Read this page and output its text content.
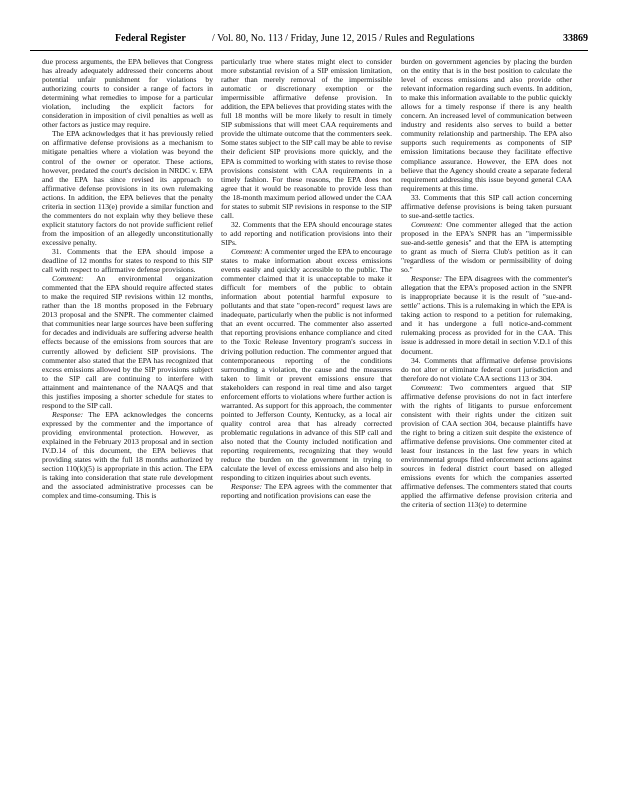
Federal Register	/ Vol. 80, No. 113 / Friday, June 12, 2015 / Rules and Regulations	33869

due process arguments, the EPA believes that Congress has already adequately addressed their concerns about potential unfair punishment for violations by authorizing courts to consider a range of factors in determining what remedies to impose for a particular violation, including the explicit factors for consideration in imposition of civil penalties as well as other factors as justice may require.

The EPA acknowledges that it has previously relied on affirmative defense provisions as a mechanism to mitigate penalties where a violation was beyond the control of the owner or operator. These actions, however, predated the court's decision in NRDC v. EPA and the EPA has since revised its approach to affirmative defense provisions in its own rulemaking actions. In addition, the EPA believes that the penalty criteria in section 113(e) provide a similar function and the commenters do not explain why they believe these explicit statutory factors do not provide sufficient relief from the imposition of an allegedly unconstitutionally excessive penalty.

31. Comments that the EPA should impose a deadline of 12 months for states to respond to this SIP call with respect to affirmative defense provisions.

Comment: An environmental organization commented that the EPA should require affected states to make the required SIP revisions within 12 months, rather than the 18 months proposed in the February 2013 proposal and the SNPR. The commenter claimed that communities near large sources have been suffering for decades and individuals are suffering adverse health effects because of the emissions from sources that are currently allowed by deficient SIP provisions. The commenter also stated that the EPA has recognized that excess emissions allowed by the SIP provisions subject to the SIP call are continuing to interfere with attainment and maintenance of the NAAQS and that this justifies imposing a shorter schedule for states to respond to the SIP call.

Response: The EPA acknowledges the concerns expressed by the commenter and the importance of providing environmental protection. However, as explained in the February 2013 proposal and in section IV.D.14 of this document, the EPA believes that providing states with the full 18 months authorized by section 110(k)(5) is appropriate in this action. The EPA is taking into consideration that state rule development and the associated administrative processes can be complex and time-consuming. This is

particularly true where states might elect to consider more substantial revision of a SIP emission limitation, rather than merely removal of the impermissible automatic or discretionary exemption or the impermissible affirmative defense provision. In addition, the EPA believes that providing states with the full 18 months will be more likely to result in timely SIP submissions that will meet CAA requirements and provide the ultimate outcome that the commenters seek. Some states subject to the SIP call may be able to revise their deficient SIP provisions more quickly, and the EPA is committed to working with states to revise those provisions consistent with CAA requirements in a timely fashion. For these reasons, the EPA does not agree that it would be reasonable to provide less than the 18-month maximum period allowed under the CAA for states to submit SIP revisions in response to the SIP call.

32. Comments that the EPA should encourage states to add reporting and notification provisions into their SIPs.

Comment: A commenter urged the EPA to encourage states to make information about excess emissions events easily and quickly accessible to the public. The commenter claimed that it is unacceptable to make it difficult for members of the public to obtain information about potential harmful exposure to pollutants and that state "open-record" request laws are inadequate, particularly when the public is not informed that an event occurred. The commenter also asserted that reporting provisions enhance compliance and cited to the Toxic Release Inventory program's success in driving pollution reduction. The commenter argued that contemporaneous reporting of the conditions surrounding a violation, the cause and the measures taken to limit or prevent emissions ensure that stakeholders can respond in real time and also target enforcement efforts to violations where further action is warranted. As support for this approach, the commenter pointed to Jefferson County, Kentucky, as a local air quality control area that has already corrected problematic regulations in advance of this SIP call and also noted that the County included notification and reporting requirements, recognizing that they would reduce the burden on the government in trying to calculate the level of excess emissions and also help in responding to citizen inquiries about such events.

Response: The EPA agrees with the commenter that reporting and notification provisions can ease the

burden on government agencies by placing the burden on the entity that is in the best position to calculate the level of excess emissions and also provide other relevant information regarding such events. In addition, to make this information available to the public quickly allows for a timely response if there is any health concern. An increased level of communication between industry and residents also serves to build a better community relationship and partnership. The EPA also supports such requirements as components of SIP emission limitations because they facilitate effective compliance assurance. However, the EPA does not believe that the Agency should create a separate federal requirement addressing this issue beyond general CAA requirements at this time.

33. Comments that this SIP call action concerning affirmative defense provisions is being taken pursuant to sue-and-settle tactics.

Comment: One commenter alleged that the action proposed in the EPA's SNPR has an "impermissible sue-and-settle genesis" and that the EPA is attempting to grant as much of Sierra Club's petition as it can "regardless of the wisdom or permissibility of doing so."

Response: The EPA disagrees with the commenter's allegation that the EPA's proposed action in the SNPR is inappropriate because it is the result of "sue-and-settle" actions. This is a rulemaking in which the EPA is taking action to respond to a petition for rulemaking, and it has undergone a full notice-and-comment rulemaking process as provided for in the CAA. This issue is addressed in more detail in section V.D.1 of this document.

34. Comments that affirmative defense provisions do not alter or eliminate federal court jurisdiction and therefore do not violate CAA sections 113 or 304.

Comment: Two commenters argued that SIP affirmative defense provisions do not in fact interfere with the rights of litigants to pursue enforcement consistent with their rights under the citizen suit provision of CAA section 304, because plaintiffs have the right to bring a citizen suit despite the existence of affirmative defense provisions. One commenter cited at least four instances in the last few years in which environmental groups filed enforcement actions against sources in federal district court based on alleged emissions events for which the companies asserted affirmative defenses. The commenters stated that courts applied the affirmative defense provision criteria and the criteria of section 113(e) to determine
